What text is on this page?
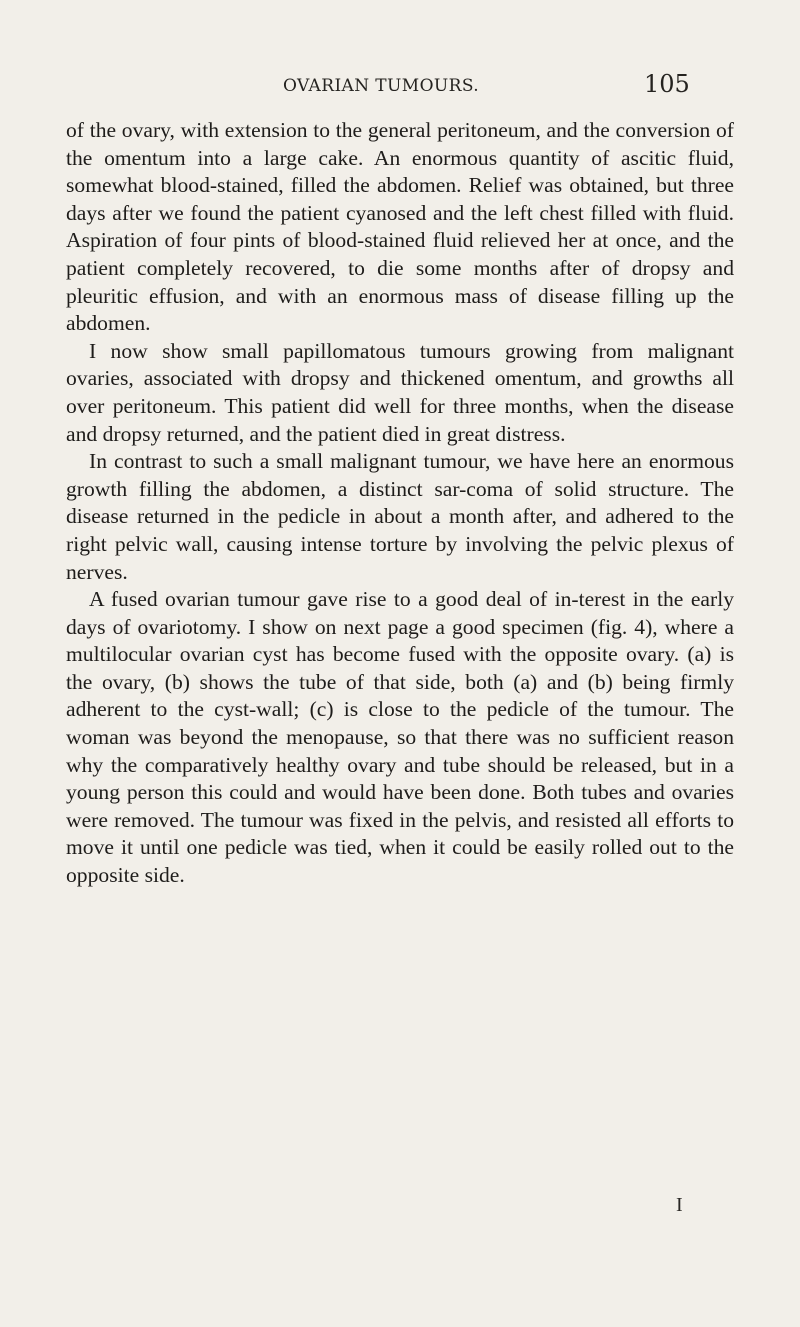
OVARIAN TUMOURS.	105

of the ovary, with extension to the general peritoneum, and the conversion of the omentum into a large cake. An enormous quantity of ascitic fluid, somewhat blood-stained, filled the abdomen. Relief was obtained, but three days after we found the patient cyanosed and the left chest filled with fluid. Aspiration of four pints of blood-stained fluid relieved her at once, and the patient completely recovered, to die some months after of dropsy and pleuritic effusion, and with an enormous mass of disease filling up the abdomen.

I now show small papillomatous tumours growing from malignant ovaries, associated with dropsy and thickened omentum, and growths all over peritoneum. This patient did well for three months, when the disease and dropsy returned, and the patient died in great distress.

In contrast to such a small malignant tumour, we have here an enormous growth filling the abdomen, a distinct sar-coma of solid structure. The disease returned in the pedicle in about a month after, and adhered to the right pelvic wall, causing intense torture by involving the pelvic plexus of nerves.

A fused ovarian tumour gave rise to a good deal of in-terest in the early days of ovariotomy. I show on next page a good specimen (fig. 4), where a multilocular ovarian cyst has become fused with the opposite ovary. (a) is the ovary, (b) shows the tube of that side, both (a) and (b) being firmly adherent to the cyst-wall; (c) is close to the pedicle of the tumour. The woman was beyond the menopause, so that there was no sufficient reason why the comparatively healthy ovary and tube should be released, but in a young person this could and would have been done. Both tubes and ovaries were removed. The tumour was fixed in the pelvis, and resisted all efforts to move it until one pedicle was tied, when it could be easily rolled out to the opposite side.

I
